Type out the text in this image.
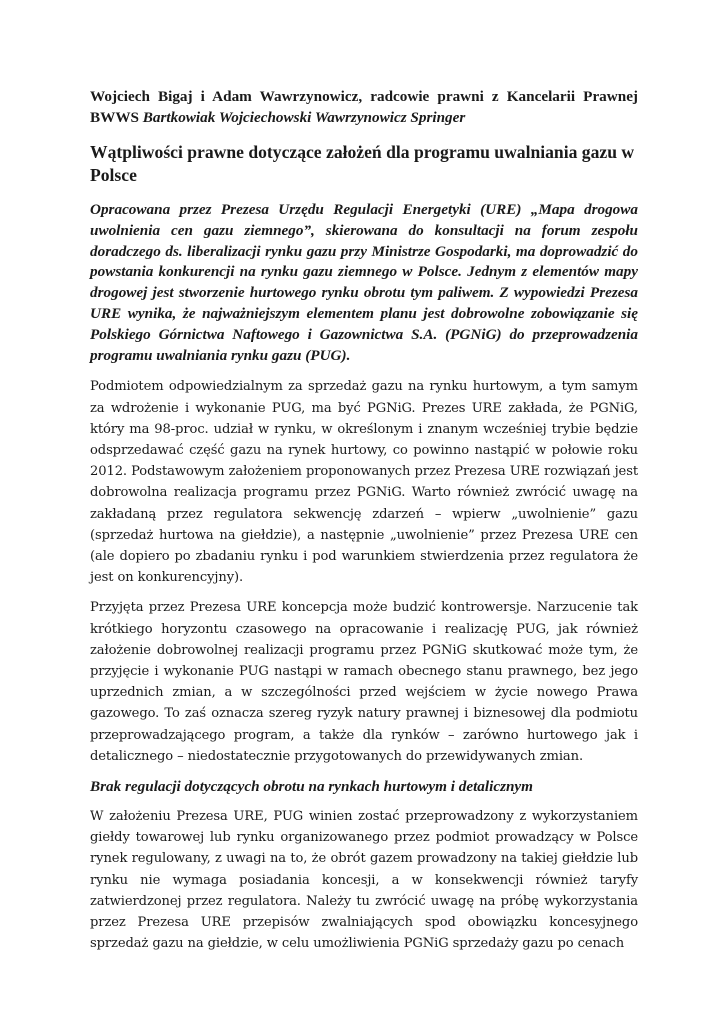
Wojciech Bigaj i Adam Wawrzynowicz, radcowie prawni z Kancelarii Prawnej BWWS Bartkowiak Wojciechowski Wawrzynowicz Springer

Wątpliwości prawne dotyczące założeń dla programu uwalniania gazu w Polsce

Opracowana przez Prezesa Urzędu Regulacji Energetyki (URE) „Mapa drogowa uwolnienia cen gazu ziemnego”, skierowana do konsultacji na forum zespołu doradczego ds. liberalizacji rynku gazu przy Ministrze Gospodarki, ma doprowadzić do powstania konkurencji na rynku gazu ziemnego w Polsce. Jednym z elementów mapy drogowej jest stworzenie hurtowego rynku obrotu tym paliwem. Z wypowiedzi Prezesa URE wynika, że najważniejszym elementem planu jest dobrowolne zobowiązanie się Polskiego Górnictwa Naftowego i Gazownictwa S.A. (PGNiG) do przeprowadzenia programu uwalniania rynku gazu (PUG).

Podmiotem odpowiedzialnym za sprzedaż gazu na rynku hurtowym, a tym samym za wdrożenie i wykonanie PUG, ma być PGNiG. Prezes URE zakłada, że PGNiG, który ma 98-proc. udział w rynku, w określonym i znanym wcześniej trybie będzie odsprzedawać część gazu na rynek hurtowy, co powinno nastąpić w połowie roku 2012. Podstawowym założeniem proponowanych przez Prezesa URE rozwiązań jest dobrowolna realizacja programu przez PGNiG. Warto również zwrócić uwagę na zakładaną przez regulatora sekwencję zdarzeń – wpierw „uwolnienie” gazu (sprzedaż hurtowa na giełdzie), a następnie „uwolnienie” przez Prezesa URE cen (ale dopiero po zbadaniu rynku i pod warunkiem stwierdzenia przez regulatora że jest on konkurencyjny).

Przyjęta przez Prezesa URE koncepcja może budzić kontrowersje. Narzucenie tak krótkiego horyzontu czasowego na opracowanie i realizację PUG, jak również założenie dobrowolnej realizacji programu przez PGNiG skutkować może tym, że przyjęcie i wykonanie PUG nastąpi w ramach obecnego stanu prawnego, bez jego uprzednich zmian, a w szczególności przed wejściem w życie nowego Prawa gazowego. To zaś oznacza szereg ryzyk natury prawnej i biznesowej dla podmiotu przeprowadzającego program, a także dla rynków – zarówno hurtowego jak i detalicznego – niedostatecznie przygotowanych do przewidywanych zmian.

Brak regulacji dotyczących obrotu na rynkach hurtowym i detalicznym

W założeniu Prezesa URE, PUG winien zostać przeprowadzony z wykorzystaniem giełdy towarowej lub rynku organizowanego przez podmiot prowadzący w Polsce rynek regulowany, z uwagi na to, że obrót gazem prowadzony na takiej giełdzie lub rynku nie wymaga posiadania koncesji, a w konsekwencji również taryfy zatwierdzonej przez regulatora. Należy tu zwrócić uwagę na próbę wykorzystania przez Prezesa URE przepisów zwalniających spod obowiązku koncesyjnego sprzedaż gazu na giełdzie, w celu umożliwienia PGNiG sprzedaży gazu po cenach
